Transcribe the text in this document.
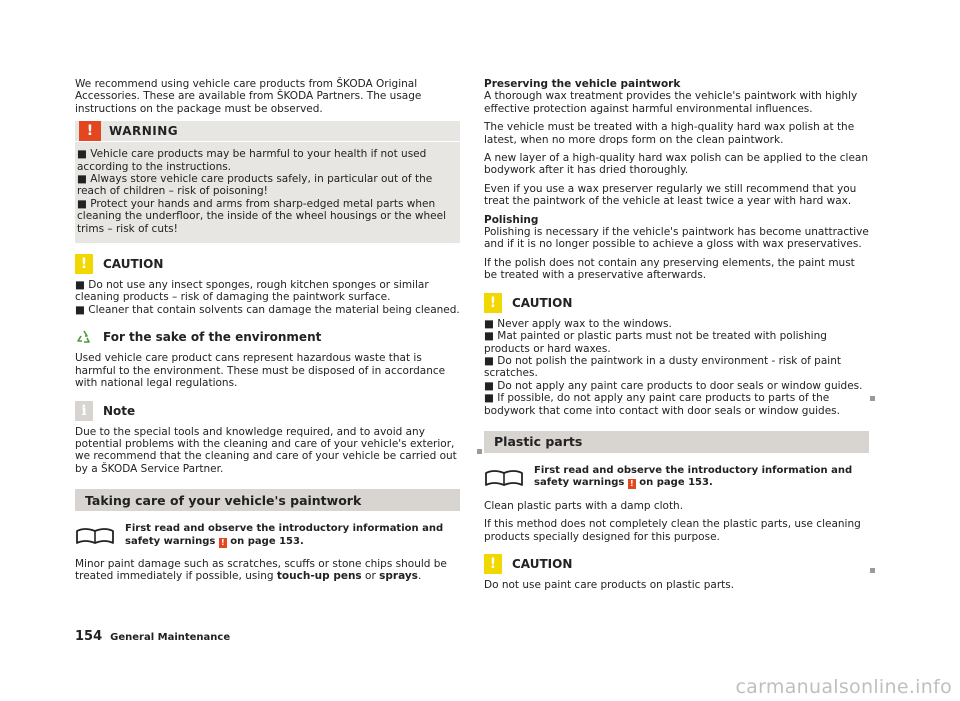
We recommend using vehicle care products from ŠKODA Original Accessories. These are available from ŠKODA Partners. The usage instructions on the package must be observed.

!	WARNING

■ Vehicle care products may be harmful to your health if not used according to the instructions.

■ Always store vehicle care products safely, in particular out of the reach of children – risk of poisoning!

■ Protect your hands and arms from sharp-edged metal parts when cleaning the underfloor, the inside of the wheel housings or the wheel trims – risk of cuts!

!	CAUTION

■ Do not use any insect sponges, rough kitchen sponges or similar cleaning products – risk of damaging the paintwork surface.

■ Cleaner that contain solvents can damage the material being cleaned.

For the sake of the environment

Used vehicle care product cans represent hazardous waste that is harmful to the environment. These must be disposed of in accordance with national legal regulations.

i	Note

Due to the special tools and knowledge required, and to avoid any potential problems with the cleaning and care of your vehicle's exterior, we recommend that the cleaning and care of your vehicle be carried out by a ŠKODA Service Partner.

Taking care of your vehicle's paintwork
First read and observe the introductory information and safety warnings ! on page 153.

Minor paint damage such as scratches, scuffs or stone chips should be treated immediately if possible, using touch-up pens or sprays.

Preserving the vehicle paintwork

A thorough wax treatment provides the vehicle's paintwork with highly effective protection against harmful environmental influences.

The vehicle must be treated with a high-quality hard wax polish at the latest, when no more drops form on the clean paintwork.

A new layer of a high-quality hard wax polish can be applied to the clean bodywork after it has dried thoroughly.

Even if you use a wax preserver regularly we still recommend that you treat the paintwork of the vehicle at least twice a year with hard wax.

Polishing

Polishing is necessary if the vehicle's paintwork has become unattractive and if it is no longer possible to achieve a gloss with wax preservatives.

If the polish does not contain any preserving elements, the paint must be treated with a preservative afterwards.

!	CAUTION

■ Never apply wax to the windows.

■ Mat painted or plastic parts must not be treated with polishing products or hard waxes.

■ Do not polish the paintwork in a dusty environment - risk of paint scratches.

■ Do not apply any paint care products to door seals or window guides.

■ If possible, do not apply any paint care products to parts of the bodywork that come into contact with door seals or window guides.

Plastic parts
First read and observe the introductory information and safety warnings ! on page 153.

Clean plastic parts with a damp cloth.

If this method does not completely clean the plastic parts, use cleaning products specially designed for this purpose.

!	CAUTION

Do not use paint care products on plastic parts.

154 General Maintenance
carmanualsonline.info
